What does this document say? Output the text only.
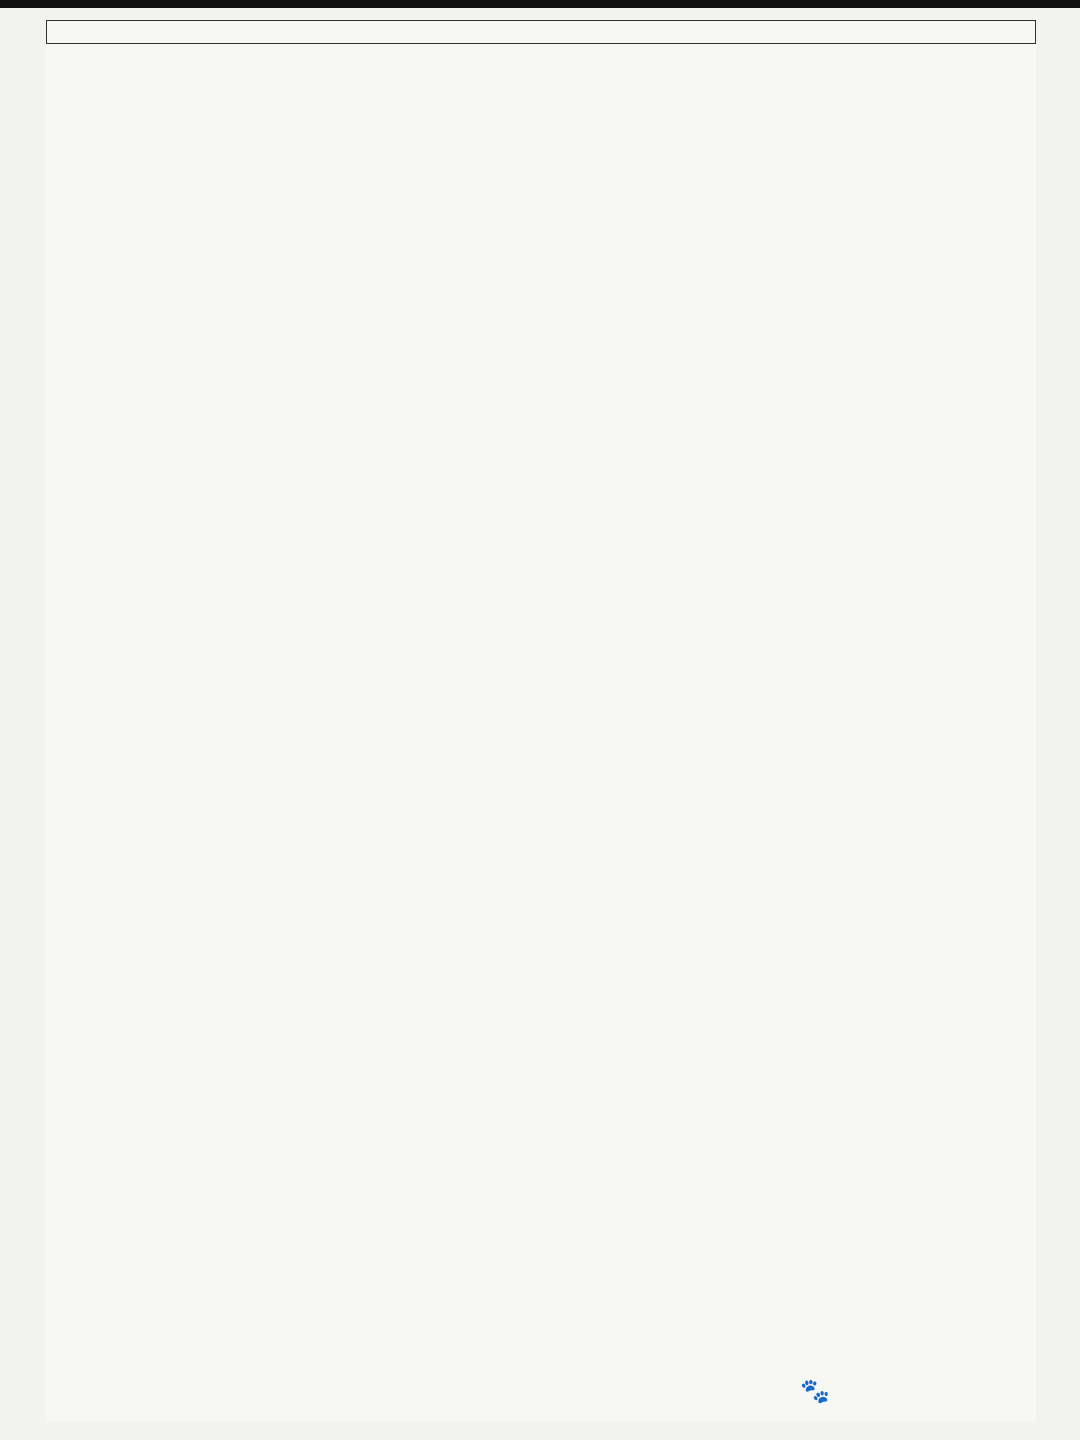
🐾
